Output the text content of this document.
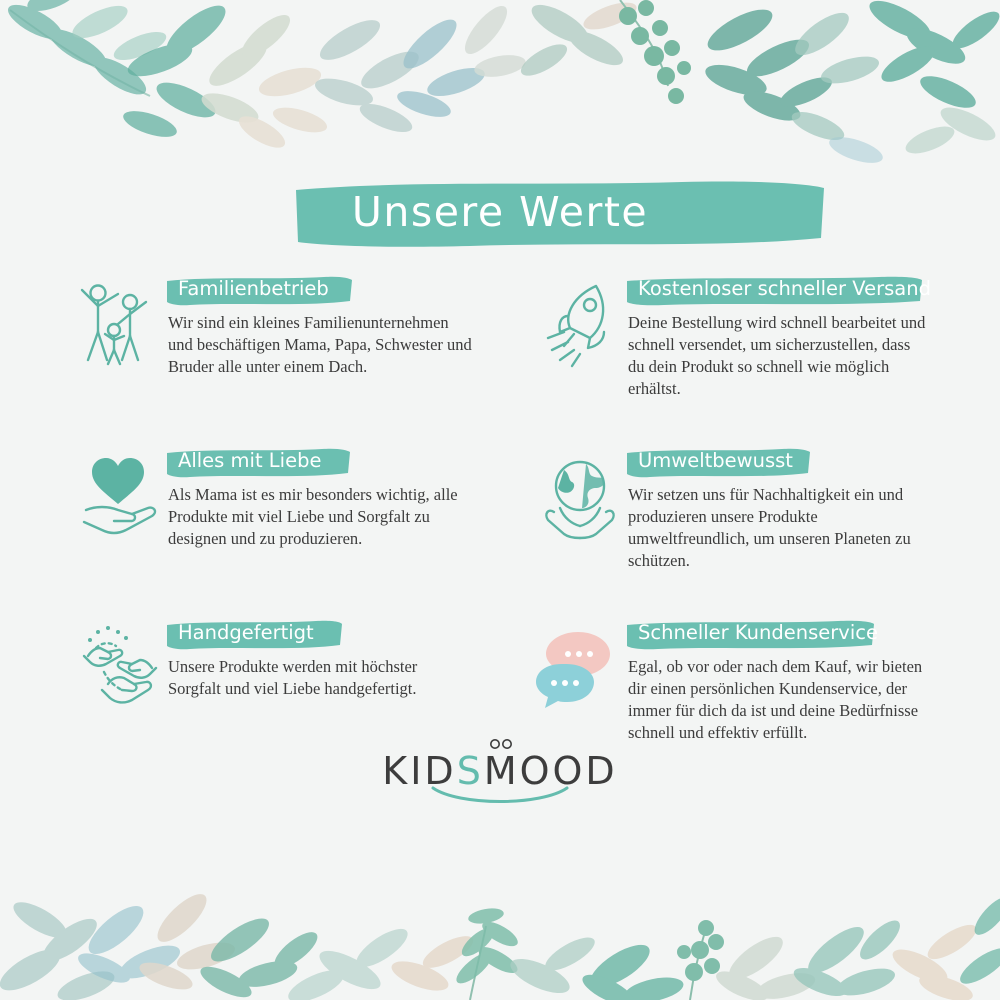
Unsere Werte
Familienbetrieb
Wir sind ein kleines Familienunternehmen und beschäftigen Mama, Papa, Schwester und Bruder alle unter einem Dach.
Kostenloser schneller Versand
Deine Bestellung wird schnell bearbeitet und schnell versendet, um sicherzustellen, dass du dein Produkt so schnell wie möglich erhältst.
Alles mit Liebe
Als Mama ist es mir besonders wichtig, alle Produkte mit viel Liebe und Sorgfalt zu designen und zu produzieren.
Umweltbewusst
Wir setzen uns für Nachhaltigkeit ein und produzieren unsere Produkte umweltfreundlich, um unseren Planeten zu schützen.
Handgefertigt
Unsere Produkte werden mit höchster Sorgfalt und viel Liebe handgefertigt.
Schneller Kundenservice
Egal, ob vor oder nach dem Kauf, wir bieten dir einen persönlichen Kundenservice, der immer für dich da ist und deine Bedürfnisse schnell und effektiv erfüllt.
KIDSMOOD
